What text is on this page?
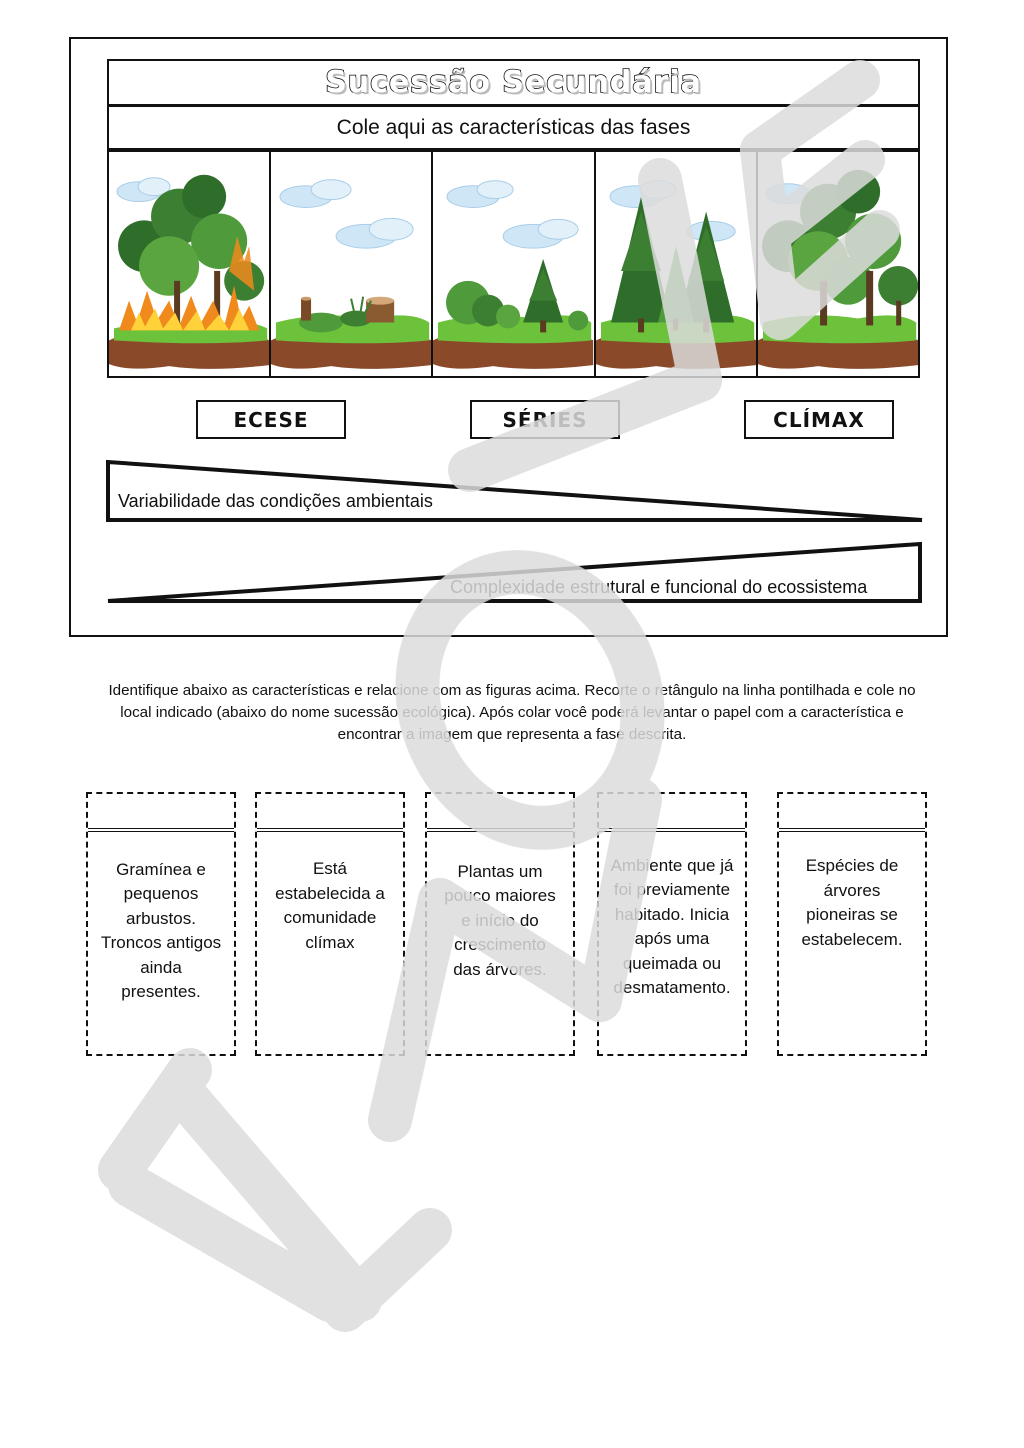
Sucessão Secundária
Cole aqui as características das fases
ECESE	SÉRIES	CLÍMAX
Variabilidade das condições ambientais
Complexidade estrutural e funcional do ecossistema
Identifique abaixo as características e relacione com as figuras acima. Recorte o retângulo na linha pontilhada e cole no
local indicado (abaixo do nome sucessão ecológica). Após colar você poderá levantar o papel com a característica e
encontrar a imagem que representa a fase descrita.
Gramínea e
pequenos
arbustos.
Troncos antigos
ainda
presentes.
Está
estabelecida a
comunidade
clímax
Plantas um
pouco maiores
e início do
crescimento
das árvores.
Ambiente que já
foi previamente
habitado. Inicia
após uma
queimada ou
desmatamento.
Espécies de
árvores
pioneiras se
estabelecem.
